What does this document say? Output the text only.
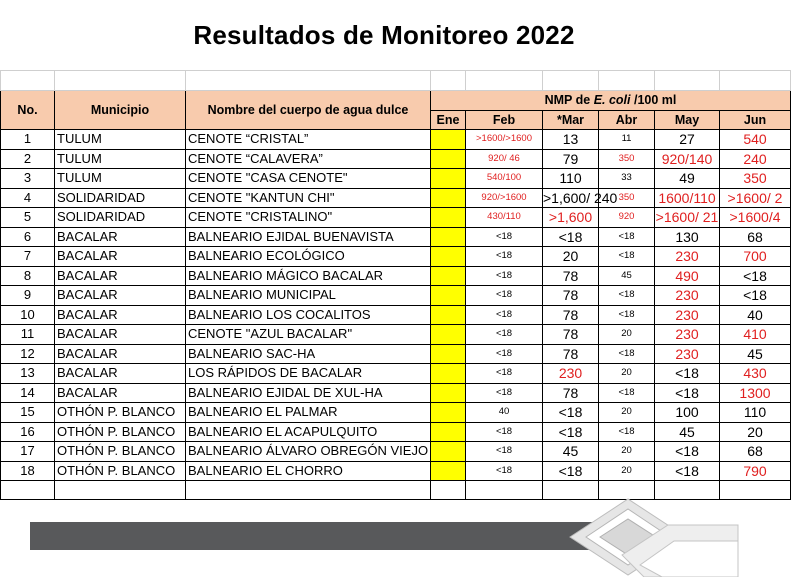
Resultados de Monitoreo 2022

No.	Municipio	Nombre del cuerpo de agua dulce	NMP de E. coli /100 ml					
			Ene	Feb	*Mar	Abr	May	Jun
1	TULUM	CENOTE “CRISTAL”		>1600/>1600	13	11	27	540
2	TULUM	CENOTE “CALAVERA”		920/ 46	79	350	920/140	240
3	TULUM	CENOTE "CASA CENOTE"		540/100	110	33	49	350
4	SOLIDARIDAD	CENOTE "KANTUN CHI"		920/>1600	>1,600/ 240	350	1600/110	>1600/ 2
5	SOLIDARIDAD	CENOTE "CRISTALINO"		430/110	>1,600	920	>1600/ 21	>1600/4
6	BACALAR	BALNEARIO EJIDAL BUENAVISTA		<18	<18	<18	130	68
7	BACALAR	BALNEARIO ECOLÓGICO		<18	20	<18	230	700
8	BACALAR	BALNEARIO MÁGICO BACALAR		<18	78	45	490	<18
9	BACALAR	BALNEARIO MUNICIPAL		<18	78	<18	230	<18
10	BACALAR	BALNEARIO LOS COCALITOS		<18	78	<18	230	40
11	BACALAR	CENOTE "AZUL BACALAR"		<18	78	20	230	410
12	BACALAR	BALNEARIO SAC-HA		<18	78	<18	230	45
13	BACALAR	LOS RÁPIDOS DE BACALAR		<18	230	20	<18	430
14	BACALAR	BALNEARIO EJIDAL DE XUL-HA		<18	78	<18	<18	1300
15	OTHÓN P. BLANCO	BALNEARIO EL PALMAR		40	<18	20	100	110
16	OTHÓN P. BLANCO	BALNEARIO EL ACAPULQUITO		<18	<18	<18	45	20
17	OTHÓN P. BLANCO	BALNEARIO ÁLVARO OBREGÓN VIEJO		<18	45	20	<18	68
18	OTHÓN P. BLANCO	BALNEARIO EL CHORRO		<18	<18	20	<18	790
